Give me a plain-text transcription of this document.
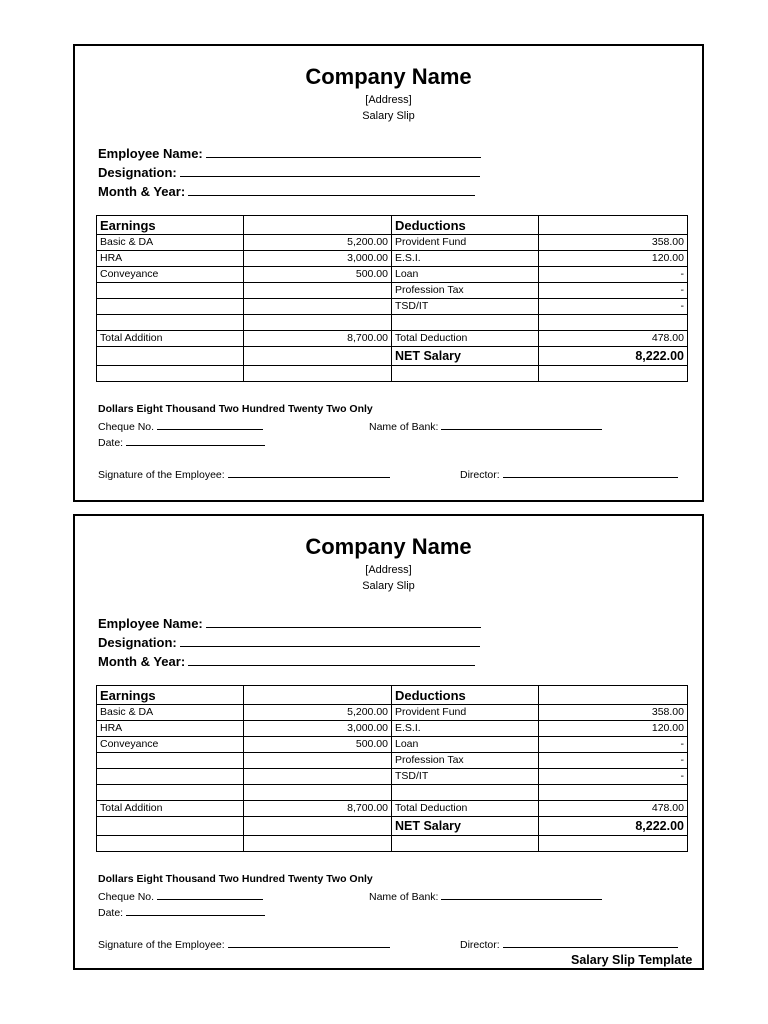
Company Name
[Address]
Salary Slip
Employee Name:
Designation:
Month & Year:
Earnings		Deductions	
Basic & DA	5,200.00	Provident Fund	358.00
HRA	3,000.00	E.S.I.	120.00
Conveyance	500.00	Loan	-
		Profession Tax	-
		TSD/IT	-

Total Addition	8,700.00	Total Deduction	478.00
		NET Salary	8,222.00

Dollars Eight Thousand Two Hundred Twenty Two Only
Cheque No.	Name of Bank:
Date:
Signature of the Employee:	Director:
Company Name
[Address]
Salary Slip
Employee Name:
Designation:
Month & Year:
Earnings		Deductions	
Basic & DA	5,200.00	Provident Fund	358.00
HRA	3,000.00	E.S.I.	120.00
Conveyance	500.00	Loan	-
		Profession Tax	-
		TSD/IT	-

Total Addition	8,700.00	Total Deduction	478.00
		NET Salary	8,222.00

Dollars Eight Thousand Two Hundred Twenty Two Only
Cheque No.	Name of Bank:
Date:
Signature of the Employee:	Director:
Salary Slip Template
